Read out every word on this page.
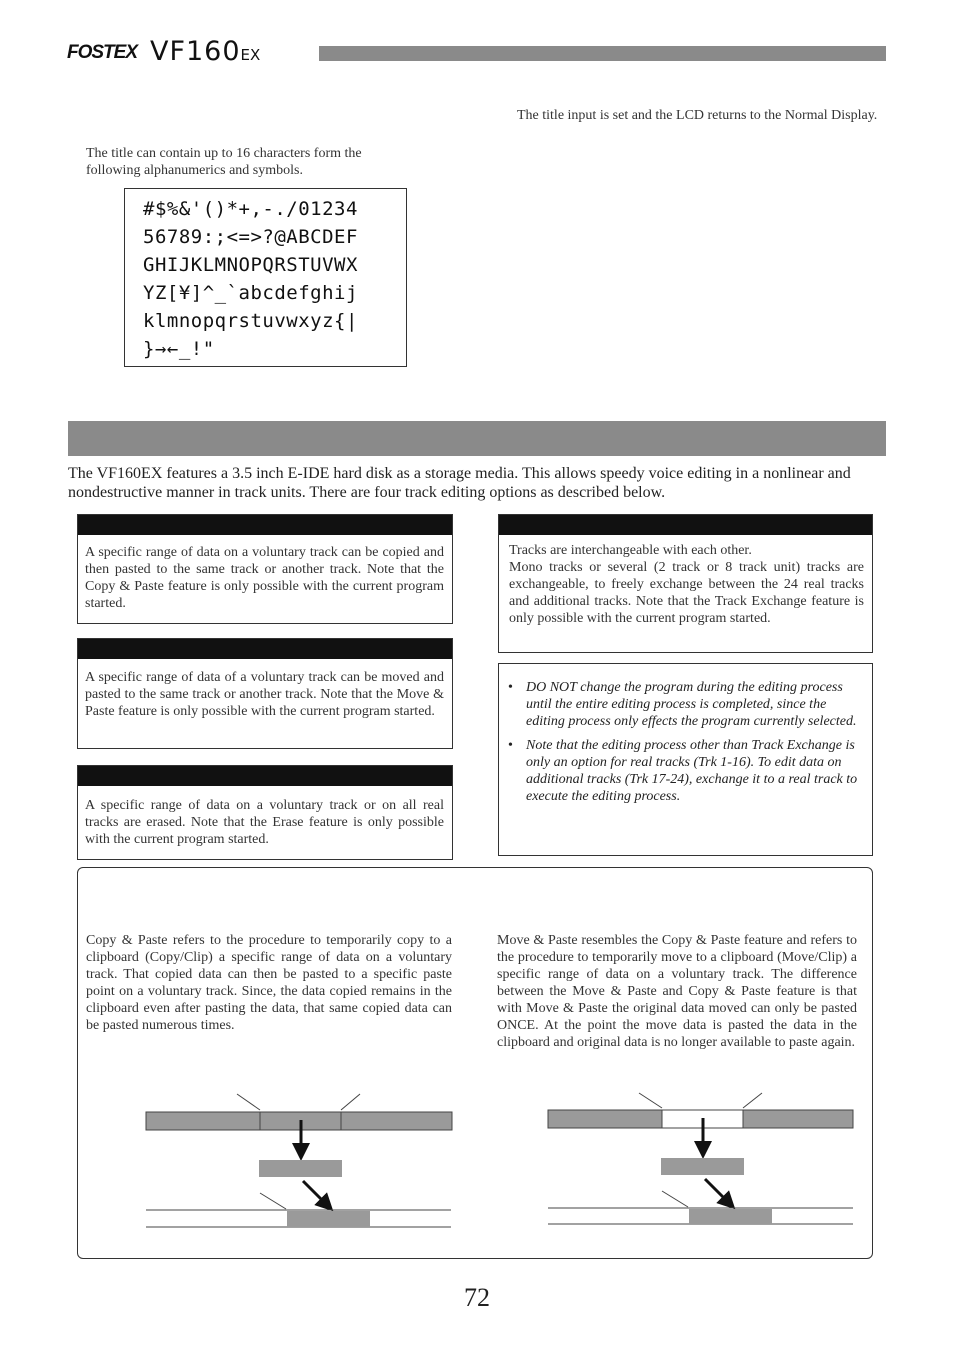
FOSTEX VF160EX
The title can contain up to 16 characters form the following alphanumerics and symbols.
The title input is set and the LCD returns to the Normal Display.
#$%&'()*+,-./01234
56789:;<=>?@ABCDEF
GHIJKLMNOPQRSTUVWX
YZ[¥]^_`abcdefghij
klmnopqrstuvwxyz{|
}→←_!"
The VF160EX features a 3.5 inch E-IDE hard disk as a storage media. This allows speedy voice editing in a nonlinear and nondestructive manner in track units. There are four track editing options as described below.
A specific range of data on a voluntary track can be copied and then pasted to the same track or another track. Note that the Copy & Paste feature is only possible with the current program started.
A specific range of data of a voluntary track can be moved and pasted to the same track or another track. Note that the Move & Paste feature is only possible with the current program started.
A specific range of data on a voluntary track or on all real tracks are erased. Note that the Erase feature is only possible with the current program started.
Tracks are interchangeable with each other.
Mono tracks or several (2 track or 8 track unit) tracks are exchangeable, to freely exchange between the 24 real tracks and additional tracks. Note that the Track Exchange feature is only possible with the current program started.
• DO NOT change the program during the editing process until the entire editing process is completed, since the editing process only effects the program currently selected.
• Note that the editing process other than Track Exchange is only an option for real tracks (Trk 1-16). To edit data on additional tracks (Trk 17-24), exchange it to a real track to execute the editing process.
Copy & Paste refers to the procedure to temporarily copy to a clipboard (Copy/Clip) a specific range of data on a voluntary track. That copied data can then be pasted to a specific paste point on a voluntary track. Since, the data copied remains in the clipboard even after pasting the data, that same copied data can be pasted numerous times.
Move & Paste resembles the Copy & Paste feature and refers to the procedure to temporarily move to a clipboard (Move/Clip) a specific range of data on a voluntary track. The difference between the Move & Paste and Copy & Paste feature is that with Move & Paste the original data moved can only be pasted ONCE. At the point the move data is pasted the data in the clipboard and original data is no longer available to paste again.
72
